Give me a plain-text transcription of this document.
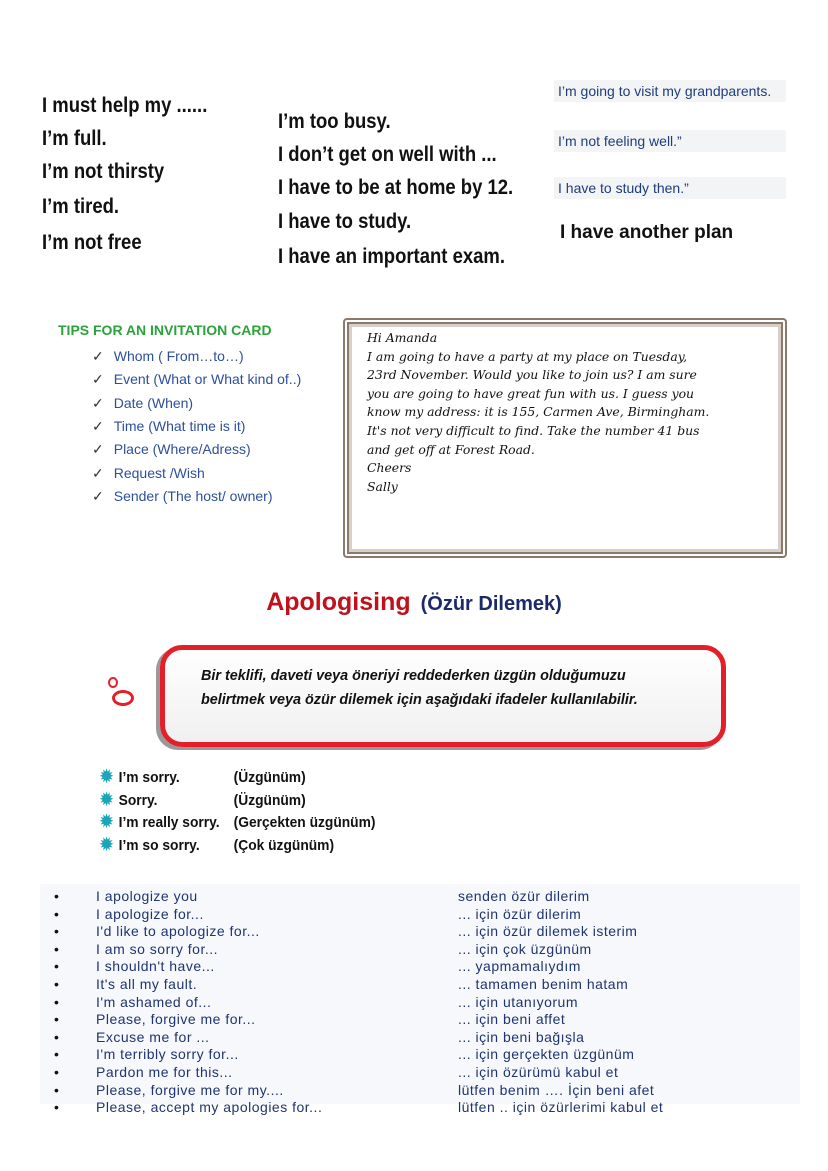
I must help my ......
I’m full.
I’m not thirsty
I’m tired.
I’m not free
I’m too busy.
I don’t get on well with ...
I have to be at home by 12.
I have to study.
I have an important exam.
I’m going to visit my grandparents.
I’m not feeling well.”
I have to study then.”
I have another plan
TIPS FOR AN INVITATION CARD	Hi Amanda
I am going to have a party at my place on Tuesday,
23rd November. Would you like to join us? I am sure
you are going to have great fun with us. I guess you
know my address: it is 155, Carmen Ave, Birmingham.
It's not very difficult to find. Take the number 41 bus
and get off at Forest Road.
Cheers
Sally
Apologising (Özür Dilemek)
Bir teklifi, daveti veya öneriyi reddederken üzgün olduğumuzu
belirtmek veya özür dilemek için aşağıdaki ifadeler kullanılabilir.
•	I apologize you	senden özür dilerim
•	I apologize for...	... için özür dilerim
•	I'd like to apologize for...	... için özür dilemek isterim
•	I am so sorry for...	... için çok üzgünüm
•	I shouldn't have...	... yapmamalıydım
•	It's all my fault.	... tamamen benim hatam
•	I'm ashamed of...	... için utanıyorum
•	Please, forgive me for...	... için beni affet
•	Excuse me for ...	... için beni bağışla
•	I'm terribly sorry for...	... için gerçekten üzgünüm
•	Pardon me for this...	... için özürümü kabul et
•	Please, forgive me for my....	lütfen benim …. İçin beni afet
•	Please, accept my apologies for...	lütfen .. için özürlerimi kabul et
✓ Whom ( From…to…)
✓ Event (What or What kind of..)
✓ Date (When)
✓ Time (What time is it)
✓ Place (Where/Adress)
✓ Request /Wish
✓ Sender (The host/ owner)
✹ I’m sorry.	(Üzgünüm)
✹ Sorry.	(Üzgünüm)
✹ I’m really sorry. (Gerçekten üzgünüm)
✹ I’m so sorry. (Çok üzgünüm)
